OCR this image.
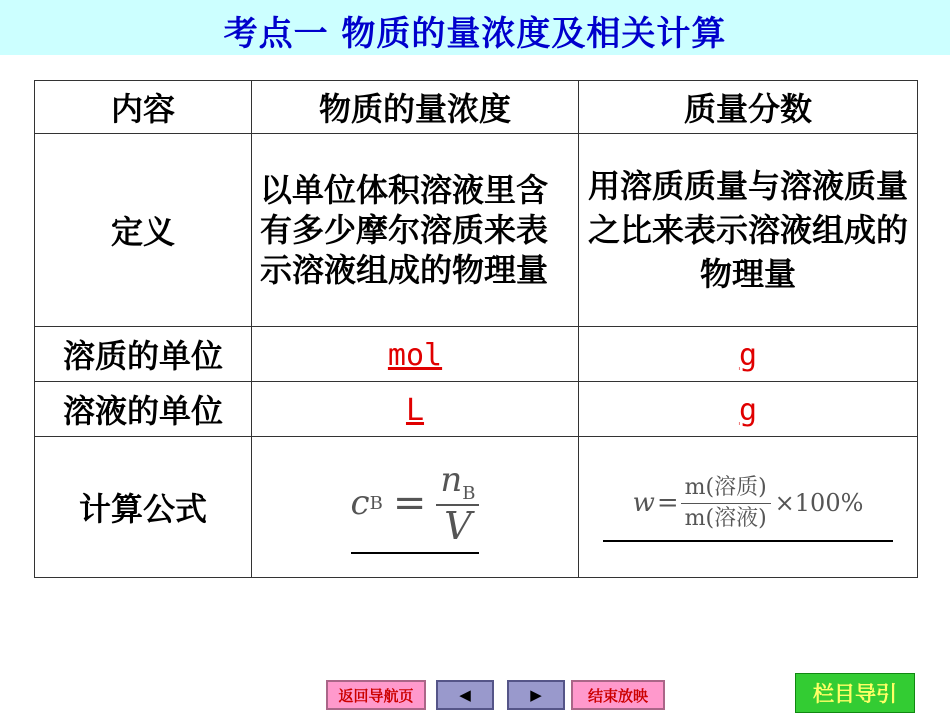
考点一 物质的量浓度及相关计算
内容	物质的量浓度	质量分数
定义	以单位体积溶液里含有多少摩尔溶质来表示溶液组成的物理量	用溶质质量与溶液质量之比来表示溶液组成的物理量
溶质的单位	mol	g
溶液的单位	L	g
计算公式	c $B = \frac{n_B}{V}$	$w = \frac{\text{m(溶质)}}{\text{m(溶液)}} \times 100\%$
返回导航页	◀	▶	结束放映	栏目导引
